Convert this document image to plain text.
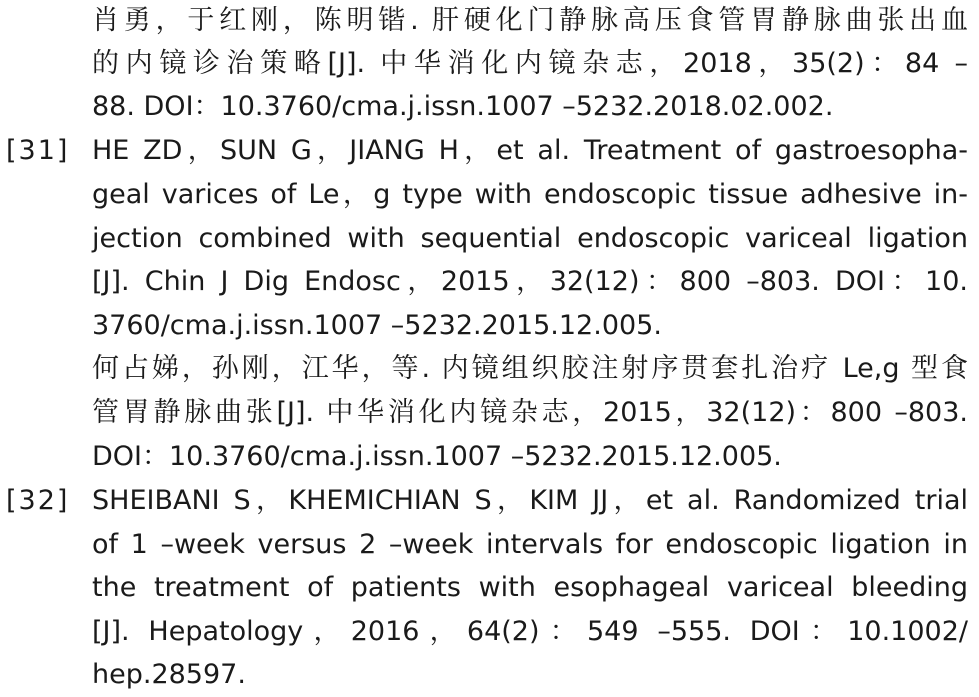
肖勇，于红刚，陈明锴. 肝硬化门静脉高压食管胃静脉曲张出血
的内镜诊治策略[J]. 中华消化内镜杂志，2018，35(2)：84 –
88. DOI：10.3760/cma.j.issn.1007 –5232.2018.02.002.
[31] HE ZD，SUN G，JIANG H，et al. Treatment of gastroesopha-
geal varices of Le，g type with endoscopic tissue adhesive in-
jection combined with sequential endoscopic variceal ligation
[J]. Chin J Dig Endosc，2015，32(12)：800 –803. DOI：10.
3760/cma.j.issn.1007 –5232.2015.12.005.
何占娣，孙刚，江华，等. 内镜组织胶注射序贯套扎治疗 Le,g 型食
管胃静脉曲张[J]. 中华消化内镜杂志，2015，32(12)：800 –803.
DOI：10.3760/cma.j.issn.1007 –5232.2015.12.005.
[32] SHEIBANI S，KHEMICHIAN S，KIM JJ，et al. Randomized trial
of 1 –week versus 2 –week intervals for endoscopic ligation in
the treatment of patients with esophageal variceal bleeding
[J]. Hepatology，2016，64(2)：549 –555. DOI：10.1002/
hep.28597.
